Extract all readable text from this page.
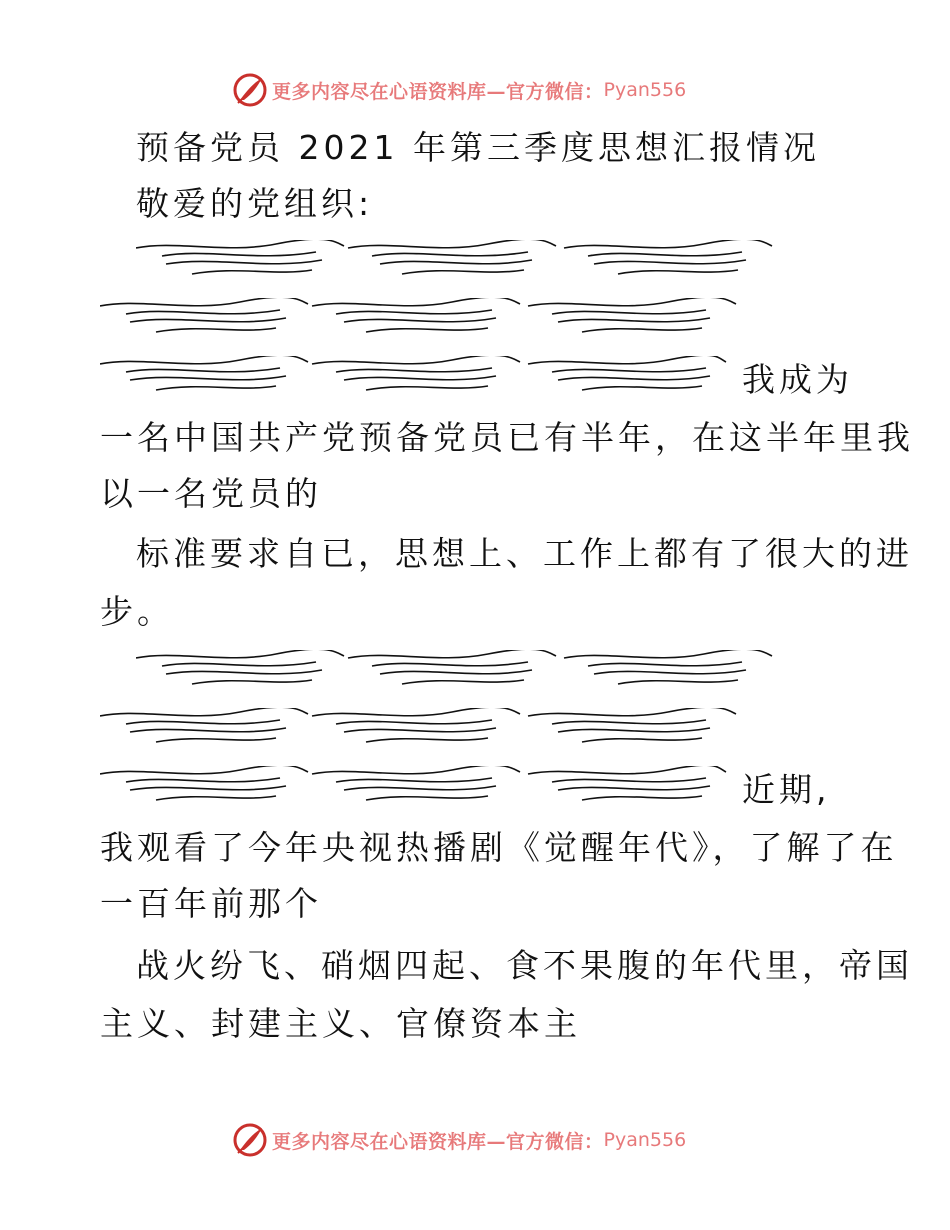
更多内容尽在心语资料库—官方微信： Pyan556
预备党员 2021 年第三季度思想汇报情况
敬爱的党组织:
我成为
一名中国共产党预备党员已有半年，在这半年里我
以一名党员的
标准要求自已，思想上、工作上都有了很大的进
步。
近期,
我观看了今年央视热播剧《觉醒年代》，了解了在
一百年前那个
战火纷飞、硝烟四起、食不果腹的年代里，帝国
主义、封建主义、官僚资本主
更多内容尽在心语资料库—官方微信： Pyan556
